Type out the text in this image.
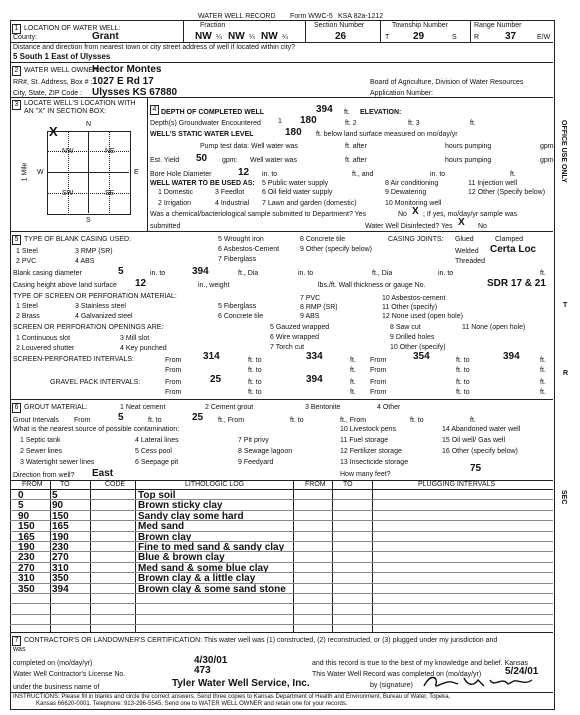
WATER WELL RECORD Form WWC-5 KSA 82a-1212
1 LOCATION OF WATER WELL:	Fraction	Section Number	Township Number	Range Number
County:	Grant	NW ¼ NW ¼ NW ¼	26	T 29	S R	37	E/W
Distance and direction from nearest town or city street address of well if located within city?
5 South 1 East of Ulysses
2 WATER WELL OWNER:
Hector Montes
RR#, St. Address, Box # : 1027 E Rd 17
City, State, ZIP Code : Ulysses KS 67880
Board of Agriculture, Division of Water Resources
Application Number:
3 LOCATE WELL'S LOCATION WITH
AN "X" IN SECTION BOX:
N
S
W	E
NW	NE
SW	SE
X
1 Mile
4 DEPTH OF COMPLETED WELL	394 ft. ELEVATION:
Depth(s) Groundwater Encountered 1 180	ft. 2	ft. 3	ft.
WELL'S STATIC WATER LEVEL	180 ft. below land surface measured on mo/day/yr
Pump test data: Well water was	ft. after	hours pumping	gpm
Est. Yield 50 gpm: Well water was	ft. after	hours pumping	gpm
Bore Hole Diameter	12 in. to	ft., and	in. to	ft.
WELL WATER TO BE USED AS:
1 Domestic
2 Irrigation
3 Feedlot
4 Industrial
5 Public water supply
6 Oil field water supply
7 Lawn and garden (domestic)
8 Air conditioning
9 Dewatering
10 Monitoring well
11 Injection well
12 Other (Specify below)
Was a chemical/bacteriological sample submitted to Department? Yes	No X ; If yes, mo/day/yr sample was
submitted	Water Well Disinfected? Yes X No
5 TYPE OF BLANK CASING USED:
1 Steel
2 PVC
3 RMP (SR)
4 ABS
5 Wrought iron
6 Asbestos-Cement
7 Fiberglass
8 Concrete tile
9 Other (specify below)
CASING JOINTS: Glued	Clamped
Welded Certa Loc
Threaded
Blank casing diameter	5	in. to	394	ft., Dia	in. to	ft., Dia	in. to	ft.
Casing height above land surface 12	in., weight	lbs./ft. Wall thickness or gauge No.	SDR 17 & 21
TYPE OF SCREEN OR PERFORATION MATERIAL:
1 Steel
2 Brass
3 Stainless steel
4 Galvanized steel
5 Fiberglass
6 Concrete tile
7 PVC
8 RMP (SR)
9 ABS
10 Asbestos-cement
11 Other (specify)
12 None used (open hole)
SCREEN OR PERFORATION OPENINGS ARE:
1 Continuous slot
2 Louvered shutter
3 Mill slot
4 Key punched
5 Gauzed wrapped
6 Wire wrapped
7 Torch cut
8 Saw cut
9 Drilled holes
10 Other (specify)
11 None (open hole)
SCREEN-PERFORATED INTERVALS:	From 314	ft. to	334	ft. From	354	ft. to	394	ft.
From	ft. to	ft. From	ft. to	ft.
GRAVEL PACK INTERVALS:	From	25	ft. to	394	ft. From	ft. to	ft.
From	ft. to	ft. From	ft. to	ft.
6 GROUT MATERIAL:	1 Neat cement	2 Cement grout	3 Bentonite	4 Other
Grout Intervals From	5	ft. to	25 ft., From	ft. to	ft., From	ft. to	ft.
What is the nearest source of possible contamination:
1 Septic tank
2 Sewer lines
3 Watertight sewer lines
4 Lateral lines
5 Cess pool
6 Seepage pit
7 Pit privy
8 Sewage lagoon
9 Feedyard
10 Livestock pens
11 Fuel storage
12 Fertilizer storage
13 Insecticide storage
14 Abandoned water well
15 Oil well/ Gas well
16 Other (specify below)
Direction from well? East	How many feet?
75
FROM TO	CODE	LITHOLOGIC LOG	FROM TO	PLUGGING INTERVALS
0	5	Top soil
5	90	Brown sticky clay
90 150	Sandy clay some hard
150 165	Med sand
165 190	Brown clay
190 230	Fine to med sand & sandy clay
230 270	Blue & brown clay
270 310	Med sand & some blue clay
310 350	Brown clay & a little clay
350 394	Brown clay & some sand stone
7 CONTRACTOR'S OR LANDOWNER'S CERTIFICATION: This water well was (1) constructed, (2) reconstructed, or (3) plugged under my jurisdiction and
was
completed on (mo/day/yr)	4/30/01	and this record is true to the best of my knowledge and belief. Kansas
Water Well Contractor's License No.	473	This Water Well Record was completed on (mo/day/yr) 5/24/01
under the business name of	Tyler Water Well Service, Inc.	by (signature)
INSTRUCTIONS: Please fill in blanks and circle the correct answers. Send three copies to Kansas Department of Health and Environment, Bureau of Water, Topeka,
Kansas 66620-0001. Telephone: 913-296-5545. Send one to WATER WELL OWNER and retain one for your records.
OFFICE USE ONLY
T
R
SEC
